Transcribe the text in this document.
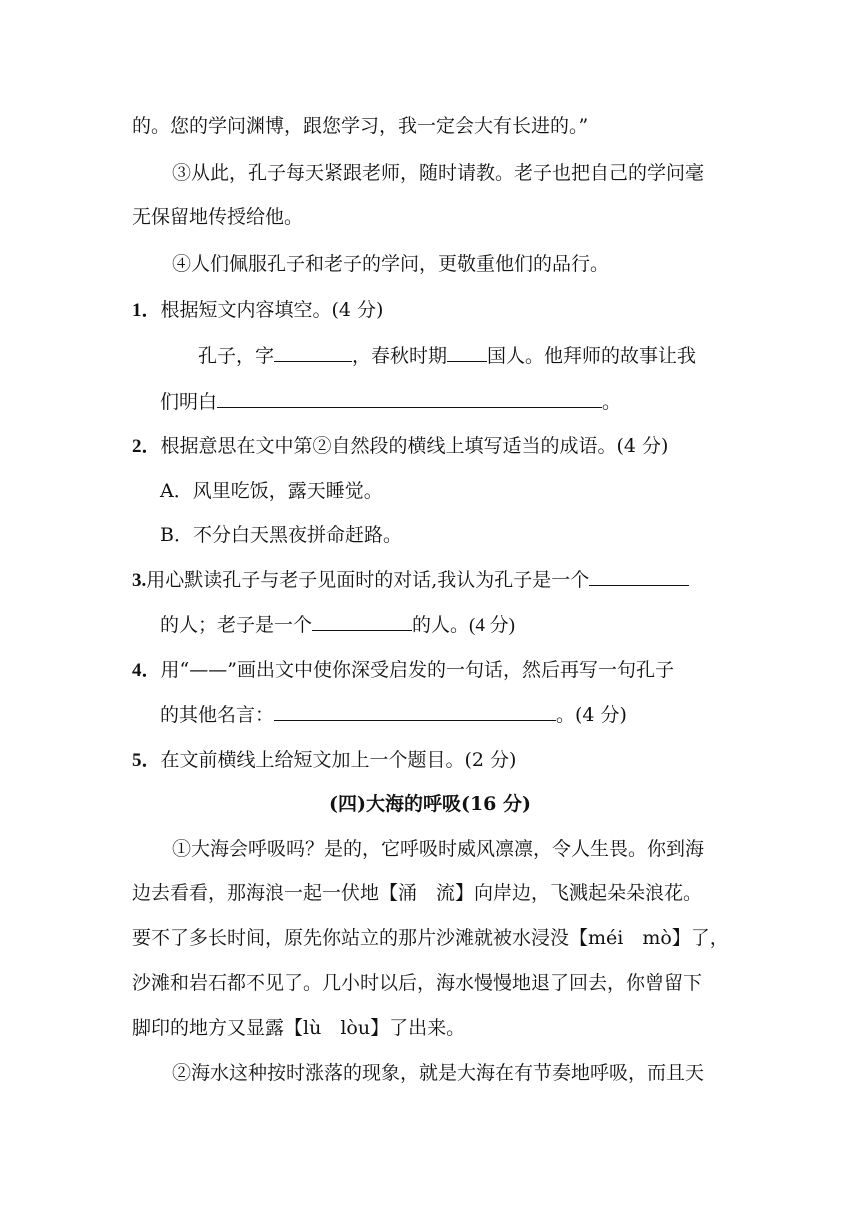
的。您的学问渊博，跟您学习，我一定会大有长进的。”
③从此，孔子每天紧跟老师，随时请教。老子也把自己的学问毫
无保留地传授给他。
④人们佩服孔子和老子的学问，更敬重他们的品行。
1．根据短文内容填空。(4 分)
孔子，字	，春秋时期 国人。他拜师的故事让我
们明白	。
2．根据意思在文中第②自然段的横线上填写适当的成语。(4 分)
A．风里吃饭，露天睡觉。
B．不分白天黑夜拼命赶路。
3.用心默读孔子与老子见面时的对话,我认为孔子是一个
的人；老子是一个	的人。(4 分)
4．用“——”画出文中使你深受启发的一句话，然后再写一句孔子
的其他名言：	。(4 分)
5．在文前横线上给短文加上一个题目。(2 分)
(四)大海的呼吸(16 分)
①大海会呼吸吗？是的，它呼吸时威风凛凛，令人生畏。你到海
边去看看，那海浪一起一伏地【涌　流】向岸边，飞溅起朵朵浪花。
要不了多长时间，原先你站立的那片沙滩就被水浸没【méi　mò】了，
沙滩和岩石都不见了。几小时以后，海水慢慢地退了回去，你曾留下
脚印的地方又显露【lù　lòu】了出来。
②海水这种按时涨落的现象，就是大海在有节奏地呼吸，而且天
